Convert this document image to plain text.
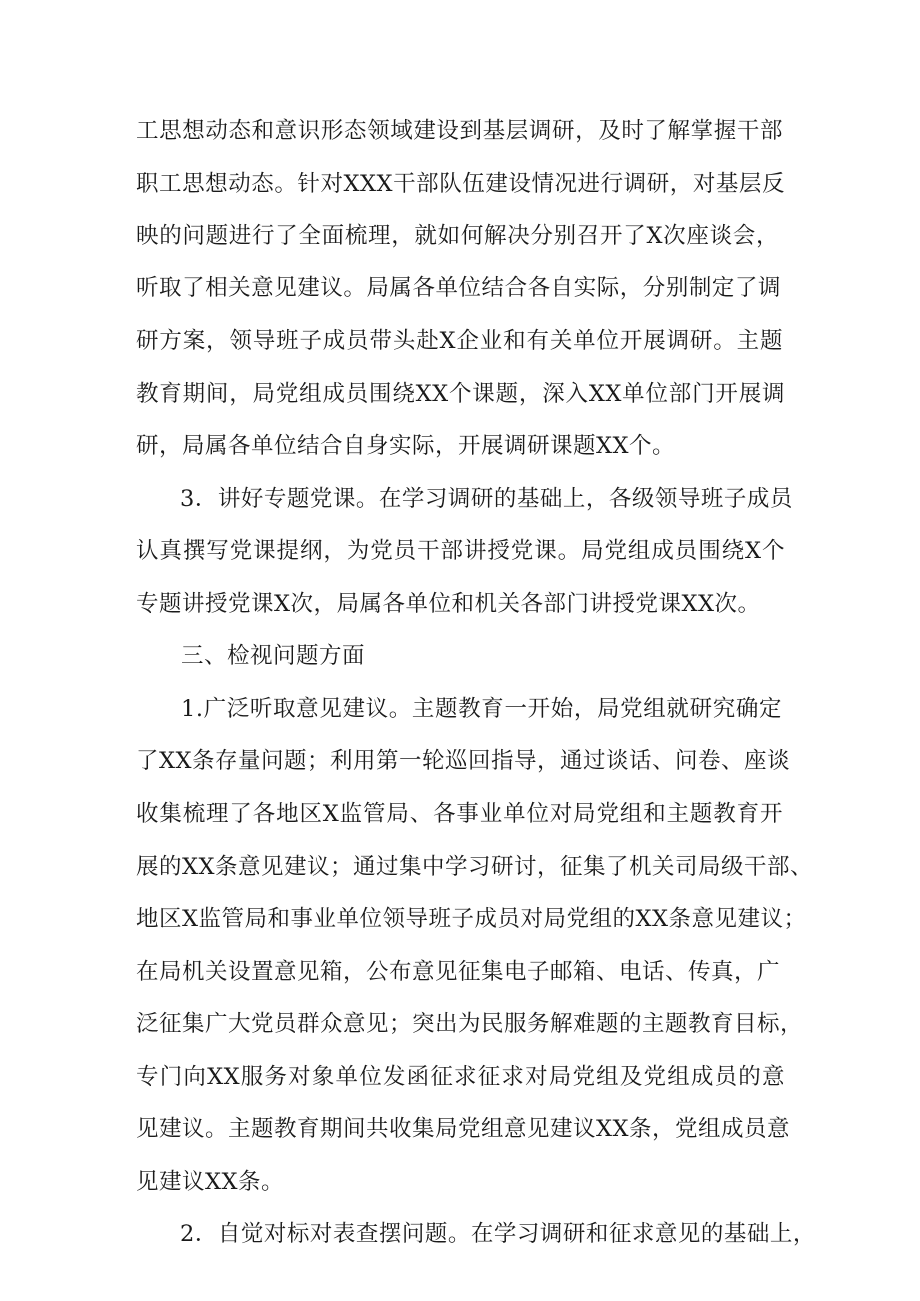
工思想动态和意识形态领域建设到基层调研，及时了解掌握干部
职工思想动态。针对XXX干部队伍建设情况进行调研，对基层反
映的问题进行了全面梳理，就如何解决分别召开了X次座谈会，
听取了相关意见建议。局属各单位结合各自实际，分别制定了调
研方案，领导班子成员带头赴X企业和有关单位开展调研。主题
教育期间，局党组成员围绕XX个课题，深入XX单位部门开展调
研，局属各单位结合自身实际，开展调研课题XX个。
3．讲好专题党课。在学习调研的基础上，各级领导班子成员
认真撰写党课提纲，为党员干部讲授党课。局党组成员围绕X个
专题讲授党课X次，局属各单位和机关各部门讲授党课XX次。
三、检视问题方面
1.广泛听取意见建议。主题教育一开始，局党组就研究确定
了XX条存量问题；利用第一轮巡回指导，通过谈话、问卷、座谈
收集梳理了各地区X监管局、各事业单位对局党组和主题教育开
展的XX条意见建议；通过集中学习研讨，征集了机关司局级干部、
地区X监管局和事业单位领导班子成员对局党组的XX条意见建议；
在局机关设置意见箱，公布意见征集电子邮箱、电话、传真，广
泛征集广大党员群众意见；突出为民服务解难题的主题教育目标，
专门向XX服务对象单位发函征求征求对局党组及党组成员的意
见建议。主题教育期间共收集局党组意见建议XX条，党组成员意
见建议XX条。
2．自觉对标对表查摆问题。在学习调研和征求意见的基础上，
